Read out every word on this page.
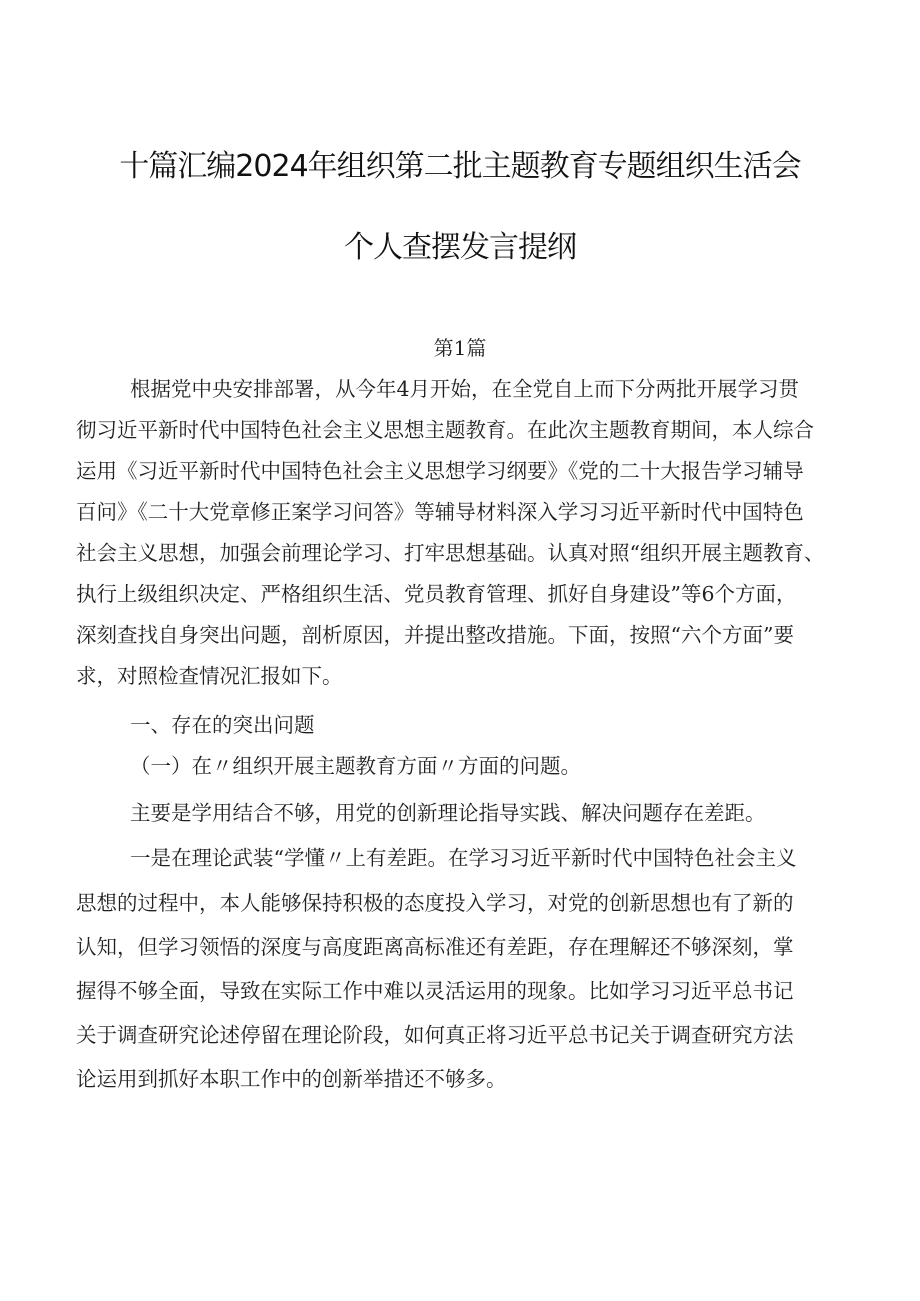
十篇汇编2024年组织第二批主题教育专题组织生活会
个人查摆发言提纲
第1篇
根据党中央安排部署，从今年4月开始，在全党自上而下分两批开展学习贯
彻习近平新时代中国特色社会主义思想主题教育。在此次主题教育期间，本人综合
运用《习近平新时代中国特色社会主义思想学习纲要》《党的二十大报告学习辅导
百问》《二十大党章修正案学习问答》等辅导材料深入学习习近平新时代中国特色
社会主义思想，加强会前理论学习、打牢思想基础。认真对照“组织开展主题教育、
执行上级组织决定、严格组织生活、党员教育管理、抓好自身建设”等6个方面，
深刻查找自身突出问题，剖析原因，并提出整改措施。下面，按照“六个方面”要
求，对照检查情况汇报如下。
一、存在的突出问题
（一）在〃组织开展主题教育方面〃方面的问题。
主要是学用结合不够，用党的创新理论指导实践、解决问题存在差距。
一是在理论武装“学懂〃上有差距。在学习习近平新时代中国特色社会主义
思想的过程中，本人能够保持积极的态度投入学习，对党的创新思想也有了新的
认知，但学习领悟的深度与高度距离高标准还有差距，存在理解还不够深刻，掌
握得不够全面，导致在实际工作中难以灵活运用的现象。比如学习习近平总书记
关于调查研究论述停留在理论阶段，如何真正将习近平总书记关于调查研究方法
论运用到抓好本职工作中的创新举措还不够多。
